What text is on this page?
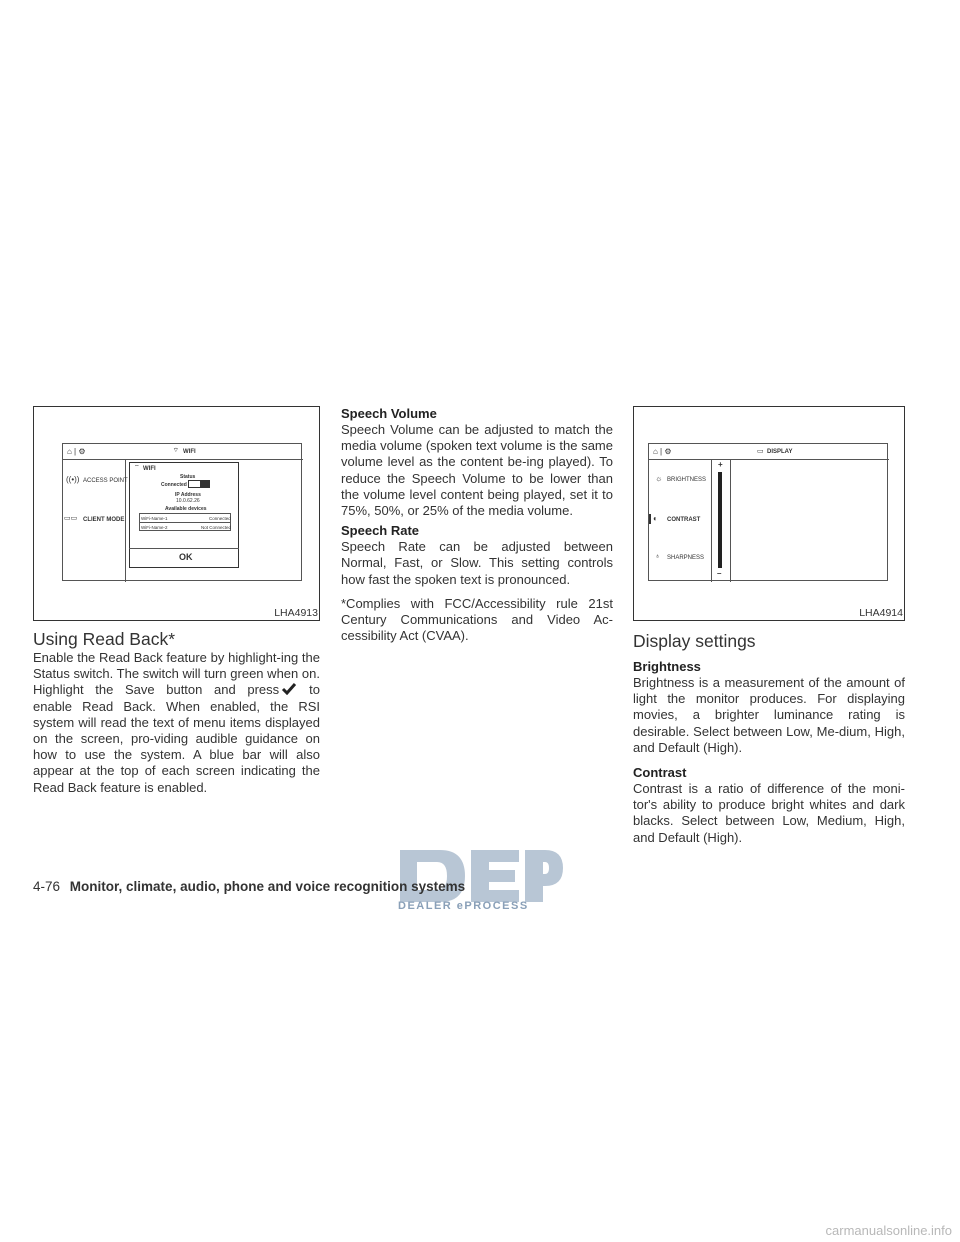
⌂ | ⚙	⌔ WIFI
((•)) ACCESS POINT
▭▭ CLIENT MODE
WIFI
⌔
Status
Connected
IP Address
10.0.62.26
Available devices
WiFi-Name-1	Connected
WiFi-Name-2	Not Connected
OK
LHA4913
Using Read Back*

Enable the Read Back feature by highlight-ing the Status switch. The switch will turn green when on. Highlight the Save button and press to enable Read Back. When enabled, the RSI system will read the text of menu items displayed on the screen, pro-viding audible guidance on how to use the system. A blue bar will also appear at the top of each screen indicating the Read Back feature is enabled.

Speech Volume

Speech Volume can be adjusted to match the media volume (spoken text volume is the same volume level as the content be-ing played). To reduce the Speech Volume to be lower than the volume level content being played, set it to 75%, 50%, or 25% of the media volume.

Speech Rate

Speech Rate can be adjusted between Normal, Fast, or Slow. This setting controls how fast the spoken text is pronounced.

*Complies with FCC/Accessibility rule 21st Century Communications and Video Ac-cessibility Act (CVAA).

⌂ | ⚙	▭ DISPLAY
☼ BRIGHTNESS
◐ CONTRAST
♁ SHARPNESS
+
–
LHA4914
Display settings
Brightness

Brightness is a measurement of the amount of light the monitor produces. For displaying movies, a brighter luminance rating is desirable. Select between Low, Me-dium, High, and Default (High).

Contrast

Contrast is a ratio of difference of the moni-tor's ability to produce bright whites and dark blacks. Select between Low, Medium, High, and Default (High).

DEALER ePROCESS
4-76 Monitor, climate, audio, phone and voice recognition systems
carmanualsonline.info
